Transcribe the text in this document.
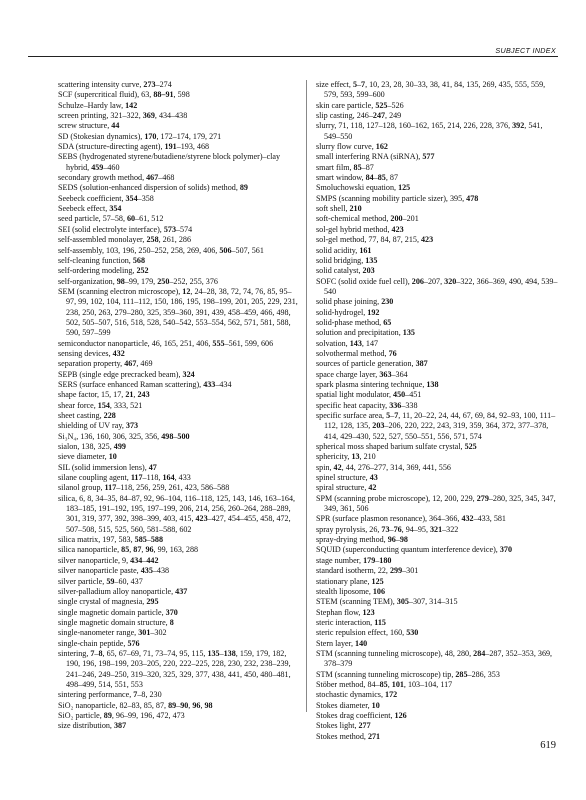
SUBJECT INDEX
scattering intensity curve, 273–274
SCF (supercritical fluid), 63, 88–91, 598
Schulze–Hardy law, 142
screen printing, 321–322, 369, 434–438
screw structure, 44
SD (Stokesian dynamics), 170, 172–174, 179, 271
SDA (structure-directing agent), 191–193, 468
SEBS (hydrogenated styrene/butadiene/styrene block polymer)–clay hybrid, 459–460
secondary growth method, 467–468
SEDS (solution-enhanced dispersion of solids) method, 89
Seebeck coefficient, 354–358
Seebeck effect, 354
seed particle, 57–58, 60–61, 512
SEI (solid electrolyte interface), 573–574
self-assembled monolayer, 258, 261, 286
self-assembly, 103, 196, 250–252, 258, 269, 406, 506–507, 561
self-cleaning function, 568
self-ordering modeling, 252
self-organization, 98–99, 179, 250–252, 255, 376
SEM (scanning electron microscope), 12, 24–28, 38, 72, 74, 76, 85, 95–97, 99, 102, 104, 111–112, 150, 186, 195, 198–199, 201, 205, 229, 231, 238, 250, 263, 279–280, 325, 359–360, 391, 439, 458–459, 466, 498, 502, 505–507, 516, 518, 528, 540–542, 553–554, 562, 571, 581, 588, 590, 597–599
semiconductor nanoparticle, 46, 165, 251, 406, 555–561, 599, 606
sensing devices, 432
separation property, 467, 469
SEPB (single edge precracked beam), 324
SERS (surface enhanced Raman scattering), 433–434
shape factor, 15, 17, 21, 243
shear force, 154, 333, 521
sheet casting, 228
shielding of UV ray, 373
Si₃N₄, 136, 160, 306, 325, 356, 498–500
sialon, 138, 325, 499
sieve diameter, 10
SIL (solid immersion lens), 47
silane coupling agent, 117–118, 164, 433
silanol group, 117–118, 256, 259, 261, 423, 586–588
silica, 6, 8, 34–35, 84–87, 92, 96–104, 116–118, 125, 143, 146, 163–164, 183–185, 191–192, 195, 197–199, 206, 214, 256, 260–264, 288–289, 301, 319, 377, 392, 398–399, 403, 415, 423–427, 454–455, 458, 472, 507–508, 515, 525, 560, 581–588, 602
silica matrix, 197, 583, 585–588
silica nanoparticle, 85, 87, 96, 99, 163, 288
silver nanoparticle, 9, 434–442
silver nanoparticle paste, 435–438
silver particle, 59–60, 437
silver-palladium alloy nanoparticle, 437
single crystal of magnesia, 295
single magnetic domain particle, 370
single magnetic domain structure, 8
single-nanometer range, 301–302
single-chain peptide, 576
sintering, 7–8, 65, 67–69, 71, 73–74, 95, 115, 135–138, 159, 179, 182, 190, 196, 198–199, 203–205, 220, 222–225, 228, 230, 232, 238–239, 241–246, 249–250, 319–320, 325, 329, 377, 438, 441, 450, 480–481, 498–499, 514, 551, 553
sintering performance, 7–8, 230
SiO₂ nanoparticle, 82–83, 85, 87, 89–90, 96, 98
SiO₂ particle, 89, 96–99, 196, 472, 473
size distribution, 387
size effect, 5–7, 10, 23, 28, 30–33, 38, 41, 84, 135, 269, 435, 555, 559, 579, 593, 599–600
skin care particle, 525–526
slip casting, 246–247, 249
slurry, 71, 118, 127–128, 160–162, 165, 214, 226, 228, 376, 392, 541, 549–550
slurry flow curve, 162
small interfering RNA (siRNA), 577
smart film, 85–87
smart window, 84–85, 87
Smoluchowski equation, 125
SMPS (scanning mobility particle sizer), 395, 478
soft shell, 210
soft-chemical method, 200–201
sol-gel hybrid method, 423
sol-gel method, 77, 84, 87, 215, 423
solid acidity, 161
solid bridging, 135
solid catalyst, 203
SOFC (solid oxide fuel cell), 206–207, 320–322, 366–369, 490, 494, 539–540
solid phase joining, 230
solid-hydrogel, 192
solid-phase method, 65
solution and precipitation, 135
solvation, 143, 147
solvothermal method, 76
sources of particle generation, 387
space charge layer, 363–364
spark plasma sintering technique, 138
spatial light modulator, 450–451
specific heat capacity, 336–338
specific surface area, 5–7, 11, 20–22, 24, 44, 67, 69, 84, 92–93, 100, 111–112, 128, 135, 203–206, 220, 222, 243, 319, 359, 364, 372, 377–378, 414, 429–430, 522, 527, 550–551, 556, 571, 574
spherical moss shaped barium sulfate crystal, 525
sphericity, 13, 210
spin, 42, 44, 276–277, 314, 369, 441, 556
spinel structure, 43
spiral structure, 42
SPM (scanning probe microscope), 12, 200, 229, 279–280, 325, 345, 347, 349, 361, 506
SPR (surface plasmon resonance), 364–366, 432–433, 581
spray pyrolysis, 26, 73–76, 94–95, 321–322
spray-drying method, 96–98
SQUID (superconducting quantum interference device), 370
stage number, 179–180
standard isotherm, 22, 299–301
stationary plane, 125
stealth liposome, 106
STEM (scanning TEM), 305–307, 314–315
Stephan flow, 123
steric interaction, 115
steric repulsion effect, 160, 530
Stern layer, 140
STM (scanning tunneling microscope), 48, 280, 284–287, 352–353, 369, 378–379
STM (scanning tunneling microscope) tip, 285–286, 353
Stöber method, 84–85, 101, 103–104, 117
stochastic dynamics, 172
Stokes diameter, 10
Stokes drag coefficient, 126
Stokes light, 277
Stokes method, 271
619
